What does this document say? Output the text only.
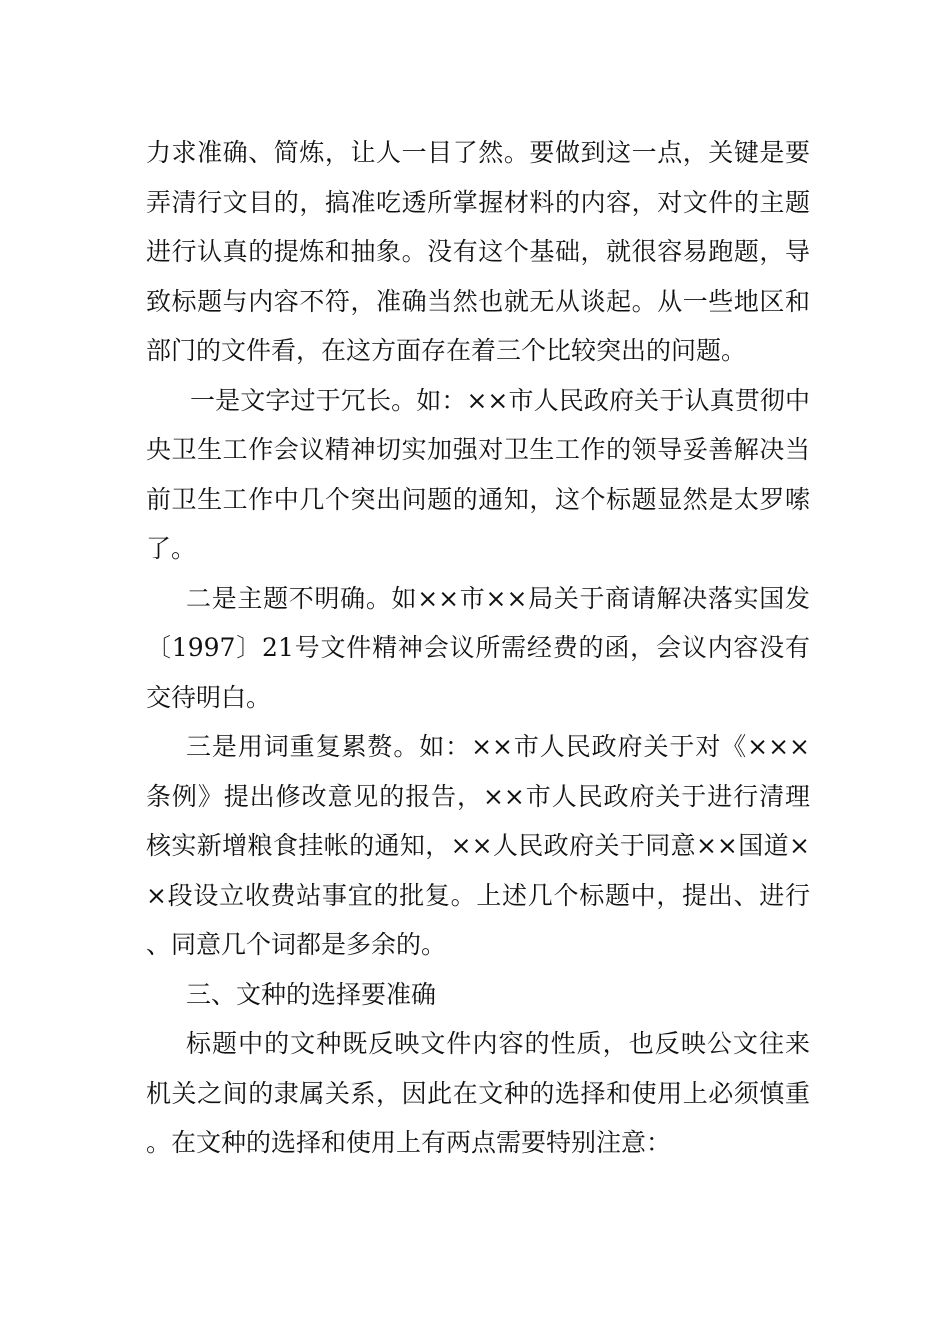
力求准确、简炼，让人一目了然。要做到这一点，关键是要弄清行文目的，搞准吃透所掌握材料的内容，对文件的主题进行认真的提炼和抽象。没有这个基础，就很容易跑题，导致标题与内容不符，准确当然也就无从谈起。从一些地区和部门的文件看，在这方面存在着三个比较突出的问题。

一是文字过于冗长。如：××市人民政府关于认真贯彻中央卫生工作会议精神切实加强对卫生工作的领导妥善解决当前卫生工作中几个突出问题的通知，这个标题显然是太罗嗦了。

二是主题不明确。如××市××局关于商请解决落实国发〔1997〕21号文件精神会议所需经费的函，会议内容没有交待明白。

三是用词重复累赘。如：××市人民政府关于对《×××条例》提出修改意见的报告，××市人民政府关于进行清理核实新增粮食挂帐的通知，××人民政府关于同意××国道××段设立收费站事宜的批复。上述几个标题中，提出、进行、同意几个词都是多余的。

三、文种的选择要准确

标题中的文种既反映文件内容的性质，也反映公文往来机关之间的隶属关系，因此在文种的选择和使用上必须慎重。在文种的选择和使用上有两点需要特别注意：
